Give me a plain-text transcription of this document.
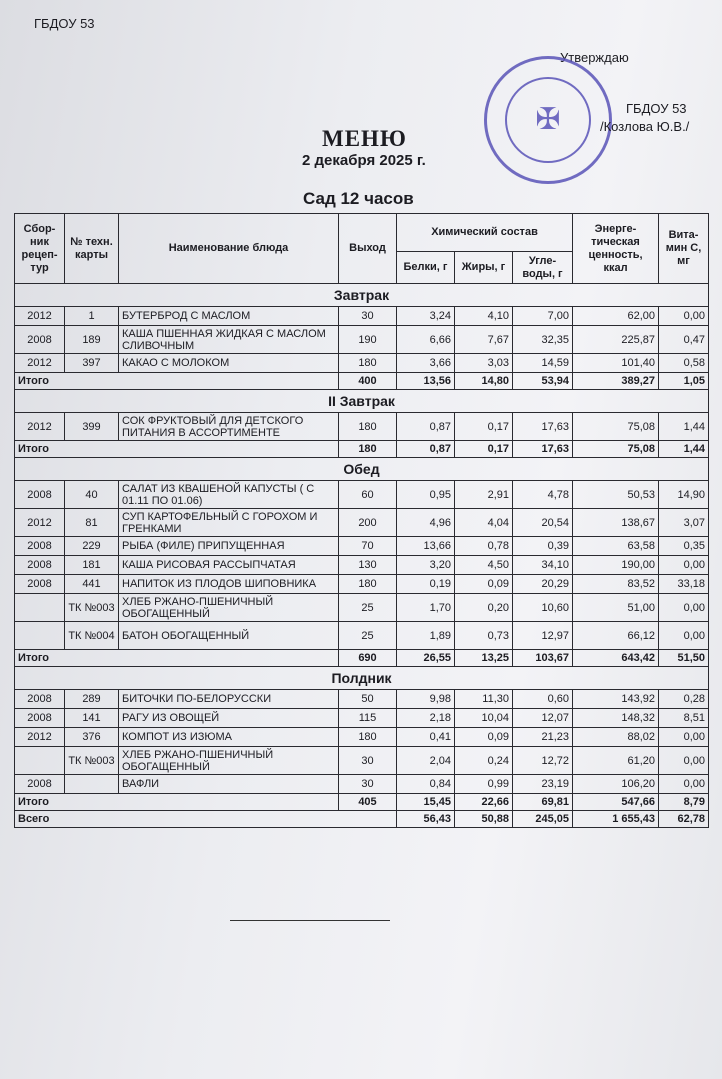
ГБДОУ 53
Утверждаю
✠	ГБДОУ 53
/Козлова Ю.В./
МЕНЮ
2 декабря 2025 г.
Сад 12 часов
Сбор-ник рецеп-тур	№ техн. карты	Наименование блюда	Выход	Химический состав			Энерге-тическая ценность, ккал	Вита-мин С, мг
				Белки, г	Жиры, г	Угле-воды, г		
Завтрак								
2012	1	БУТЕРБРОД С МАСЛОМ	30	3,24	4,10	7,00	62,00	0,00
2008	189	КАША ПШЕННАЯ ЖИДКАЯ С МАСЛОМ СЛИВОЧНЫМ	190	6,66	7,67	32,35	225,87	0,47
2012	397	КАКАО С МОЛОКОМ	180	3,66	3,03	14,59	101,40	0,58
Итого			400	13,56	14,80	53,94	389,27	1,05
II Завтрак								
2012	399	СОК ФРУКТОВЫЙ ДЛЯ ДЕТСКОГО ПИТАНИЯ В АССОРТИМЕНТЕ	180	0,87	0,17	17,63	75,08	1,44
Итого			180	0,87	0,17	17,63	75,08	1,44
Обед								
2008	40	САЛАТ ИЗ КВАШЕНОЙ КАПУСТЫ ( С 01.11 ПО 01.06)	60	0,95	2,91	4,78	50,53	14,90
2012	81	СУП КАРТОФЕЛЬНЫЙ С ГОРОХОМ И ГРЕНКАМИ	200	4,96	4,04	20,54	138,67	3,07
2008	229	РЫБА (ФИЛЕ) ПРИПУЩЕННАЯ	70	13,66	0,78	0,39	63,58	0,35
2008	181	КАША РИСОВАЯ РАССЫПЧАТАЯ	130	3,20	4,50	34,10	190,00	0,00
2008	441	НАПИТОК ИЗ ПЛОДОВ ШИПОВНИКА	180	0,19	0,09	20,29	83,52	33,18
	ТК №003	ХЛЕБ РЖАНО-ПШЕНИЧНЫЙ ОБОГАЩЕННЫЙ	25	1,70	0,20	10,60	51,00	0,00
	ТК №004	БАТОН ОБОГАЩЕННЫЙ	25	1,89	0,73	12,97	66,12	0,00
Итого			690	26,55	13,25	103,67	643,42	51,50
Полдник								
2008	289	БИТОЧКИ ПО-БЕЛОРУССКИ	50	9,98	11,30	0,60	143,92	0,28
2008	141	РАГУ ИЗ ОВОЩЕЙ	115	2,18	10,04	12,07	148,32	8,51
2012	376	КОМПОТ ИЗ ИЗЮМА	180	0,41	0,09	21,23	88,02	0,00
	ТК №003	ХЛЕБ РЖАНО-ПШЕНИЧНЫЙ ОБОГАЩЕННЫЙ	30	2,04	0,24	12,72	61,20	0,00
2008		ВАФЛИ	30	0,84	0,99	23,19	106,20	0,00
Итого			405	15,45	22,66	69,81	547,66	8,79
Всего				56,43	50,88	245,05	1 655,43	62,78
